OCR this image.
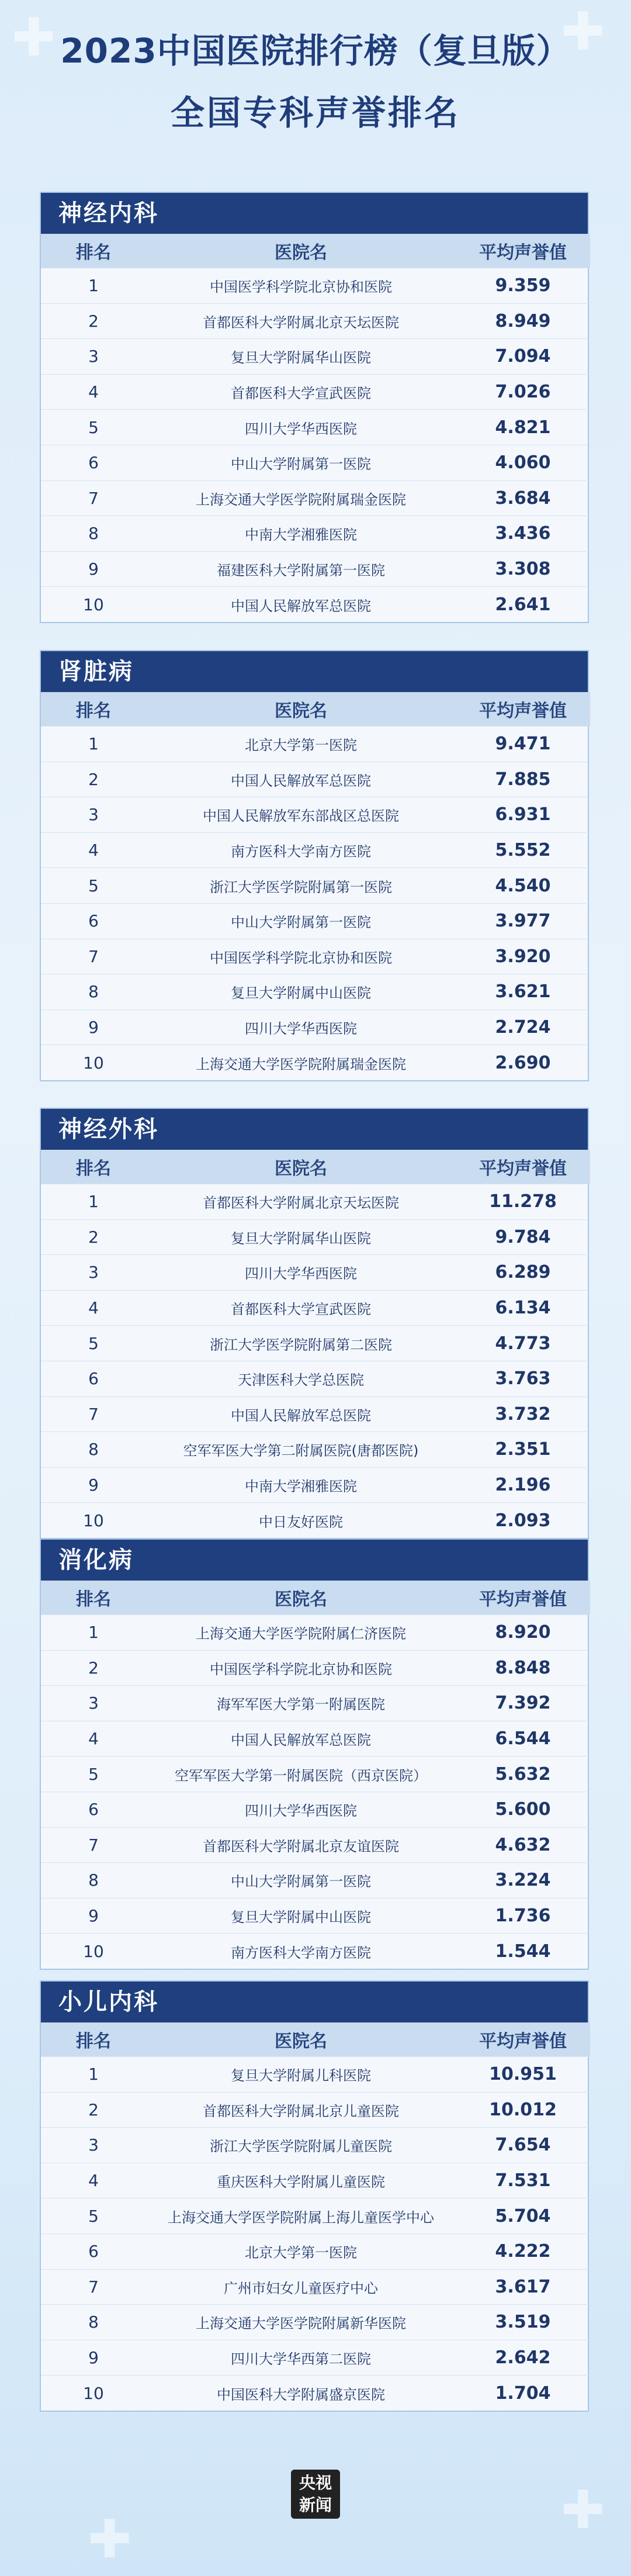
✚	✚
✚
✚
2023中国医院排行榜（复旦版）
全国专科声誉排名
神经内科
排名	医院名	平均声誉值
1	中国医学科学院北京协和医院	9.359
2	首都医科大学附属北京天坛医院	8.949
3	复旦大学附属华山医院	7.094
4	首都医科大学宣武医院	7.026
5	四川大学华西医院	4.821
6	中山大学附属第一医院	4.060
7	上海交通大学医学院附属瑞金医院	3.684
8	中南大学湘雅医院	3.436
9	福建医科大学附属第一医院	3.308
10	中国人民解放军总医院	2.641
肾脏病
排名	医院名	平均声誉值
1	北京大学第一医院	9.471
2	中国人民解放军总医院	7.885
3	中国人民解放军东部战区总医院	6.931
4	南方医科大学南方医院	5.552
5	浙江大学医学院附属第一医院	4.540
6	中山大学附属第一医院	3.977
7	中国医学科学院北京协和医院	3.920
8	复旦大学附属中山医院	3.621
9	四川大学华西医院	2.724
10	上海交通大学医学院附属瑞金医院	2.690
神经外科
排名	医院名	平均声誉值
1	首都医科大学附属北京天坛医院	11.278
2	复旦大学附属华山医院	9.784
3	四川大学华西医院	6.289
4	首都医科大学宣武医院	6.134
5	浙江大学医学院附属第二医院	4.773
6	天津医科大学总医院	3.763
7	中国人民解放军总医院	3.732
8	空军军医大学第二附属医院(唐都医院)	2.351
9	中南大学湘雅医院	2.196
10	中日友好医院	2.093
消化病
排名	医院名	平均声誉值
1	上海交通大学医学院附属仁济医院	8.920
2	中国医学科学院北京协和医院	8.848
3	海军军医大学第一附属医院	7.392
4	中国人民解放军总医院	6.544
5	空军军医大学第一附属医院（西京医院）	5.632
6	四川大学华西医院	5.600
7	首都医科大学附属北京友谊医院	4.632
8	中山大学附属第一医院	3.224
9	复旦大学附属中山医院	1.736
10	南方医科大学南方医院	1.544
小儿内科
排名	医院名	平均声誉值
1	复旦大学附属儿科医院	10.951
2	首都医科大学附属北京儿童医院	10.012
3	浙江大学医学院附属儿童医院	7.654
4	重庆医科大学附属儿童医院	7.531
5	上海交通大学医学院附属上海儿童医学中心	5.704
6	北京大学第一医院	4.222
7	广州市妇女儿童医疗中心	3.617
8	上海交通大学医学院附属新华医院	3.519
9	四川大学华西第二医院	2.642
10	中国医科大学附属盛京医院	1.704
央视
新闻
